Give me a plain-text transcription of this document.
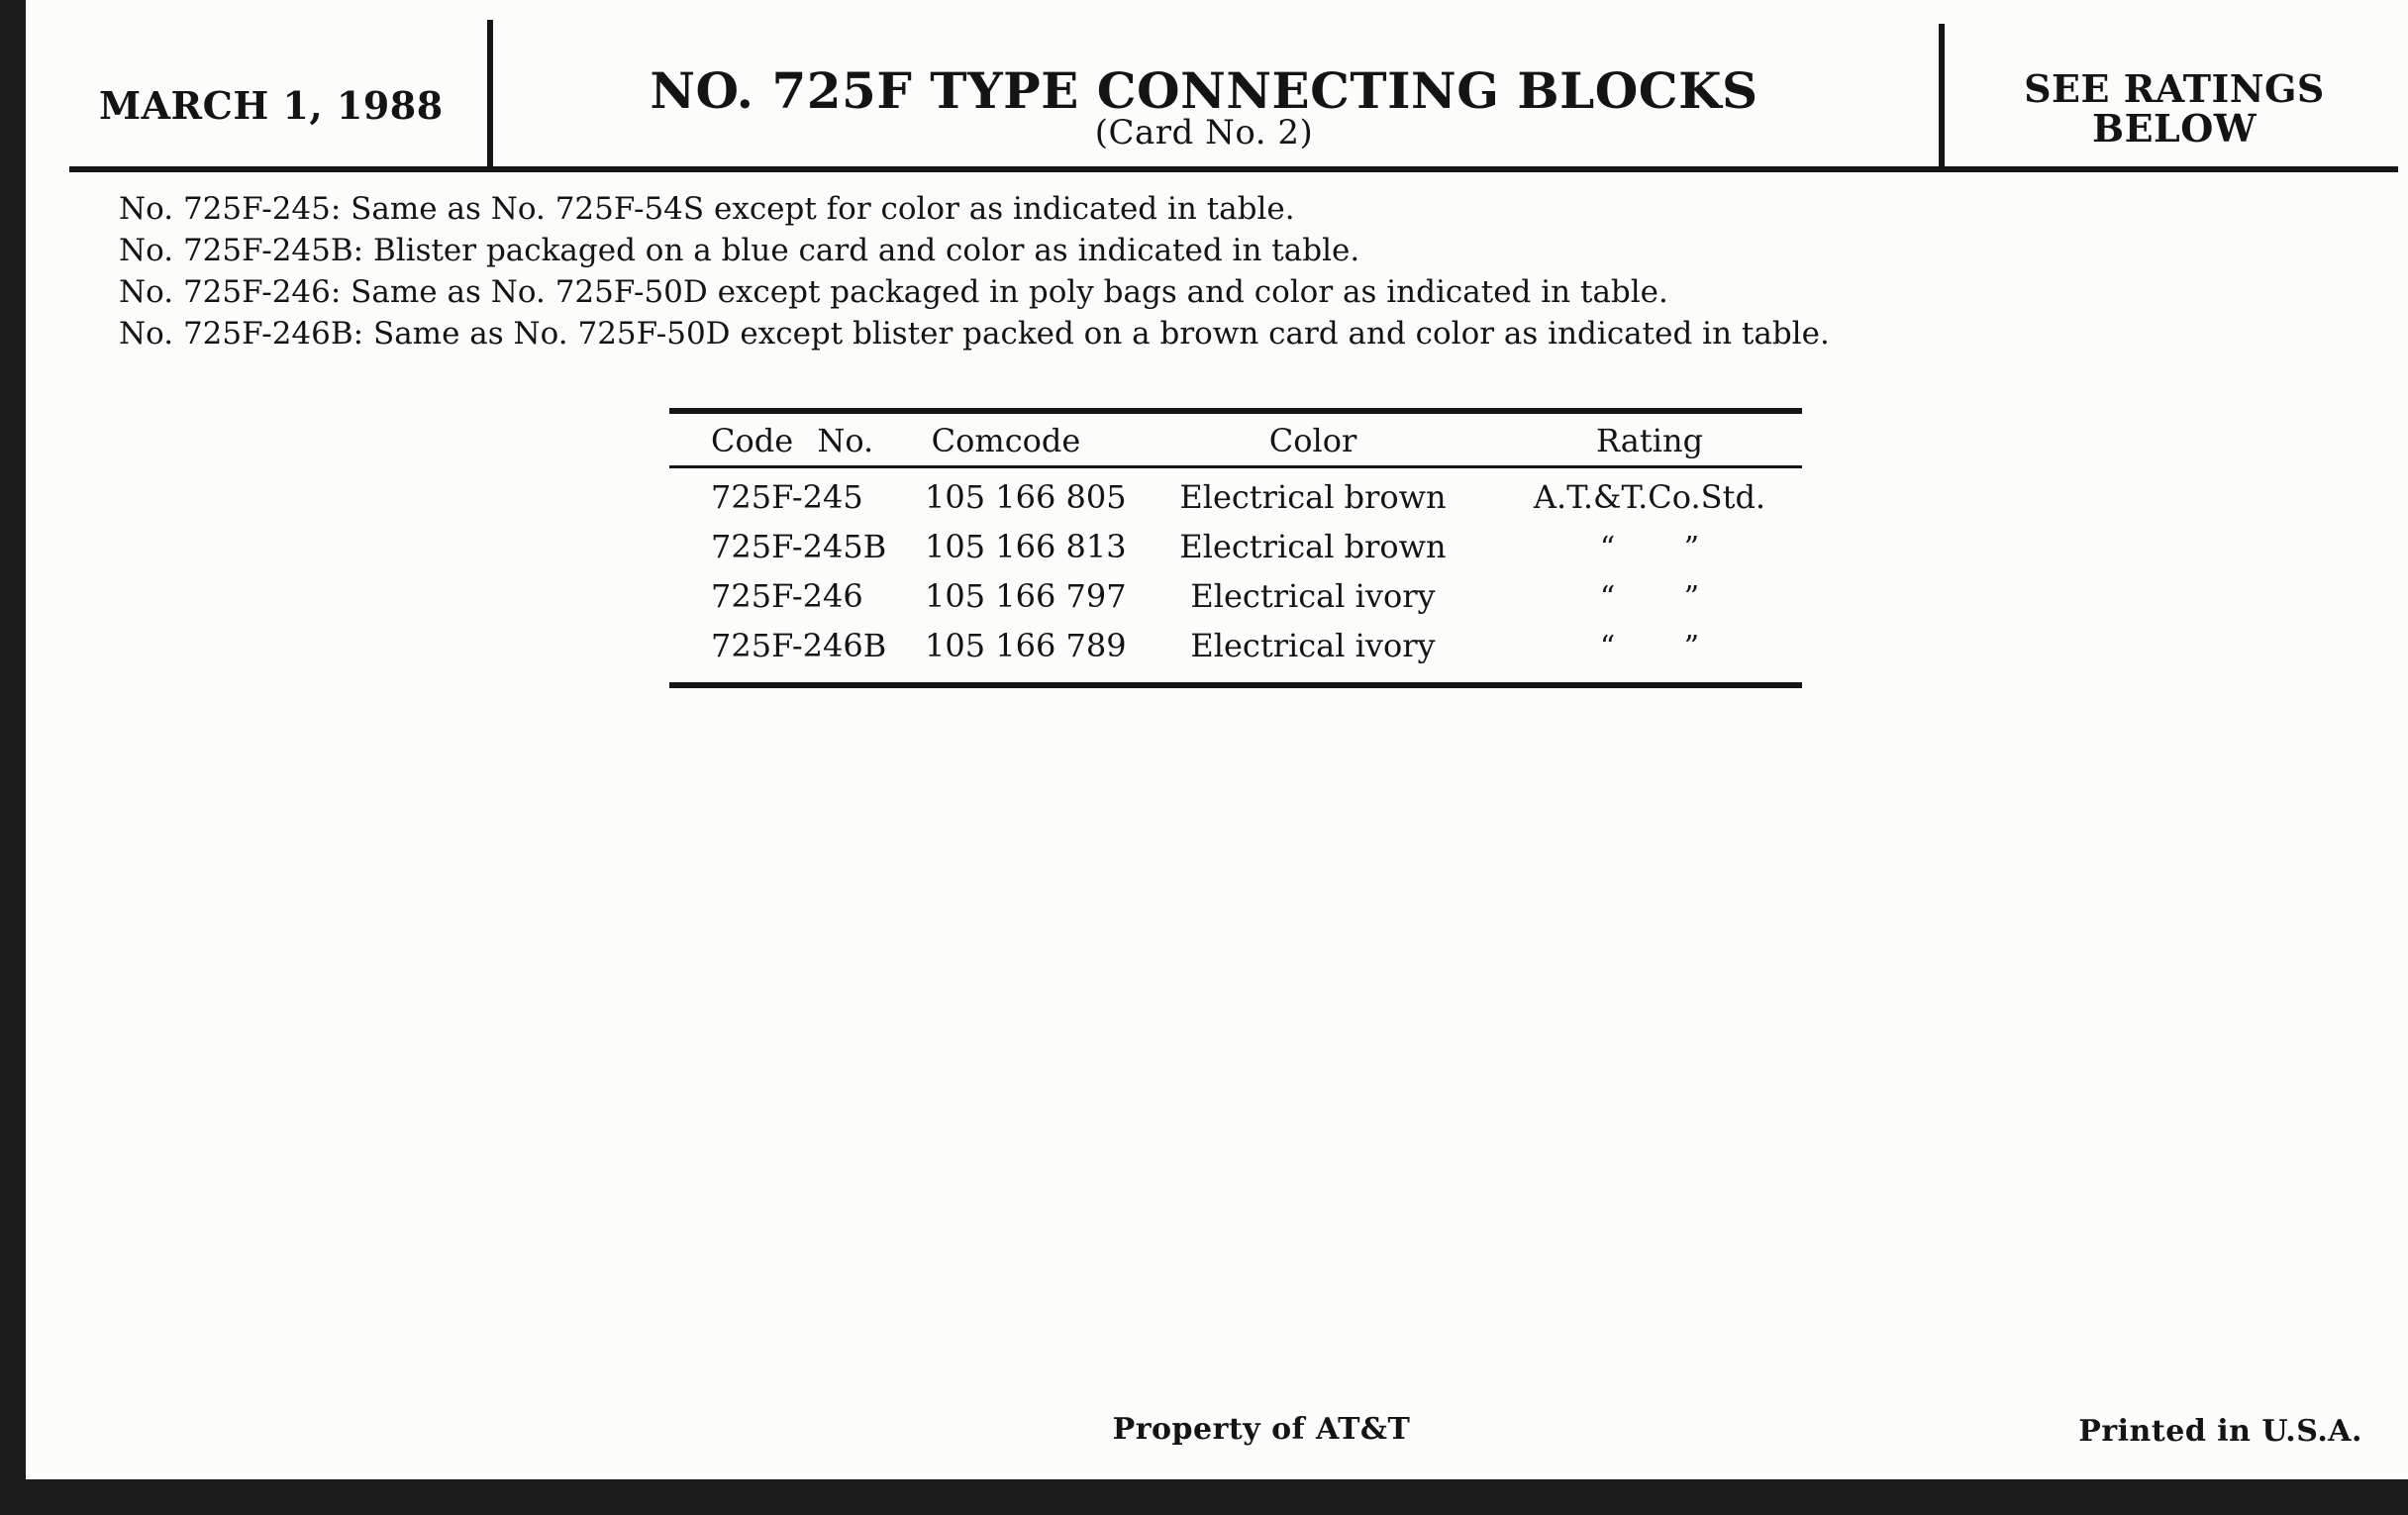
MARCH 1, 1988	NO. 725F TYPE CONNECTING BLOCKS
(Card No. 2)
SEE RATINGS
BELOW
No. 725F-245: Same as No. 725F-54S except for color as indicated in table.
No. 725F-245B: Blister packaged on a blue card and color as indicated in table.
No. 725F-246: Same as No. 725F-50D except packaged in poly bags and color as indicated in table.
No. 725F-246B: Same as No. 725F-50D except blister packed on a brown card and color as indicated in table.
Code No.	Comcode	Color	Rating
725F-245 105 166 805 Electrical brown	A.T.&T.Co.Std.
725F-245B 105 166 813 Electrical brown	“ ”
725F-246 105 166 797	Electrical ivory	“ ”
725F-246B 105 166 789	Electrical ivory	“ ”
Property of AT&T	Printed in U.S.A.
